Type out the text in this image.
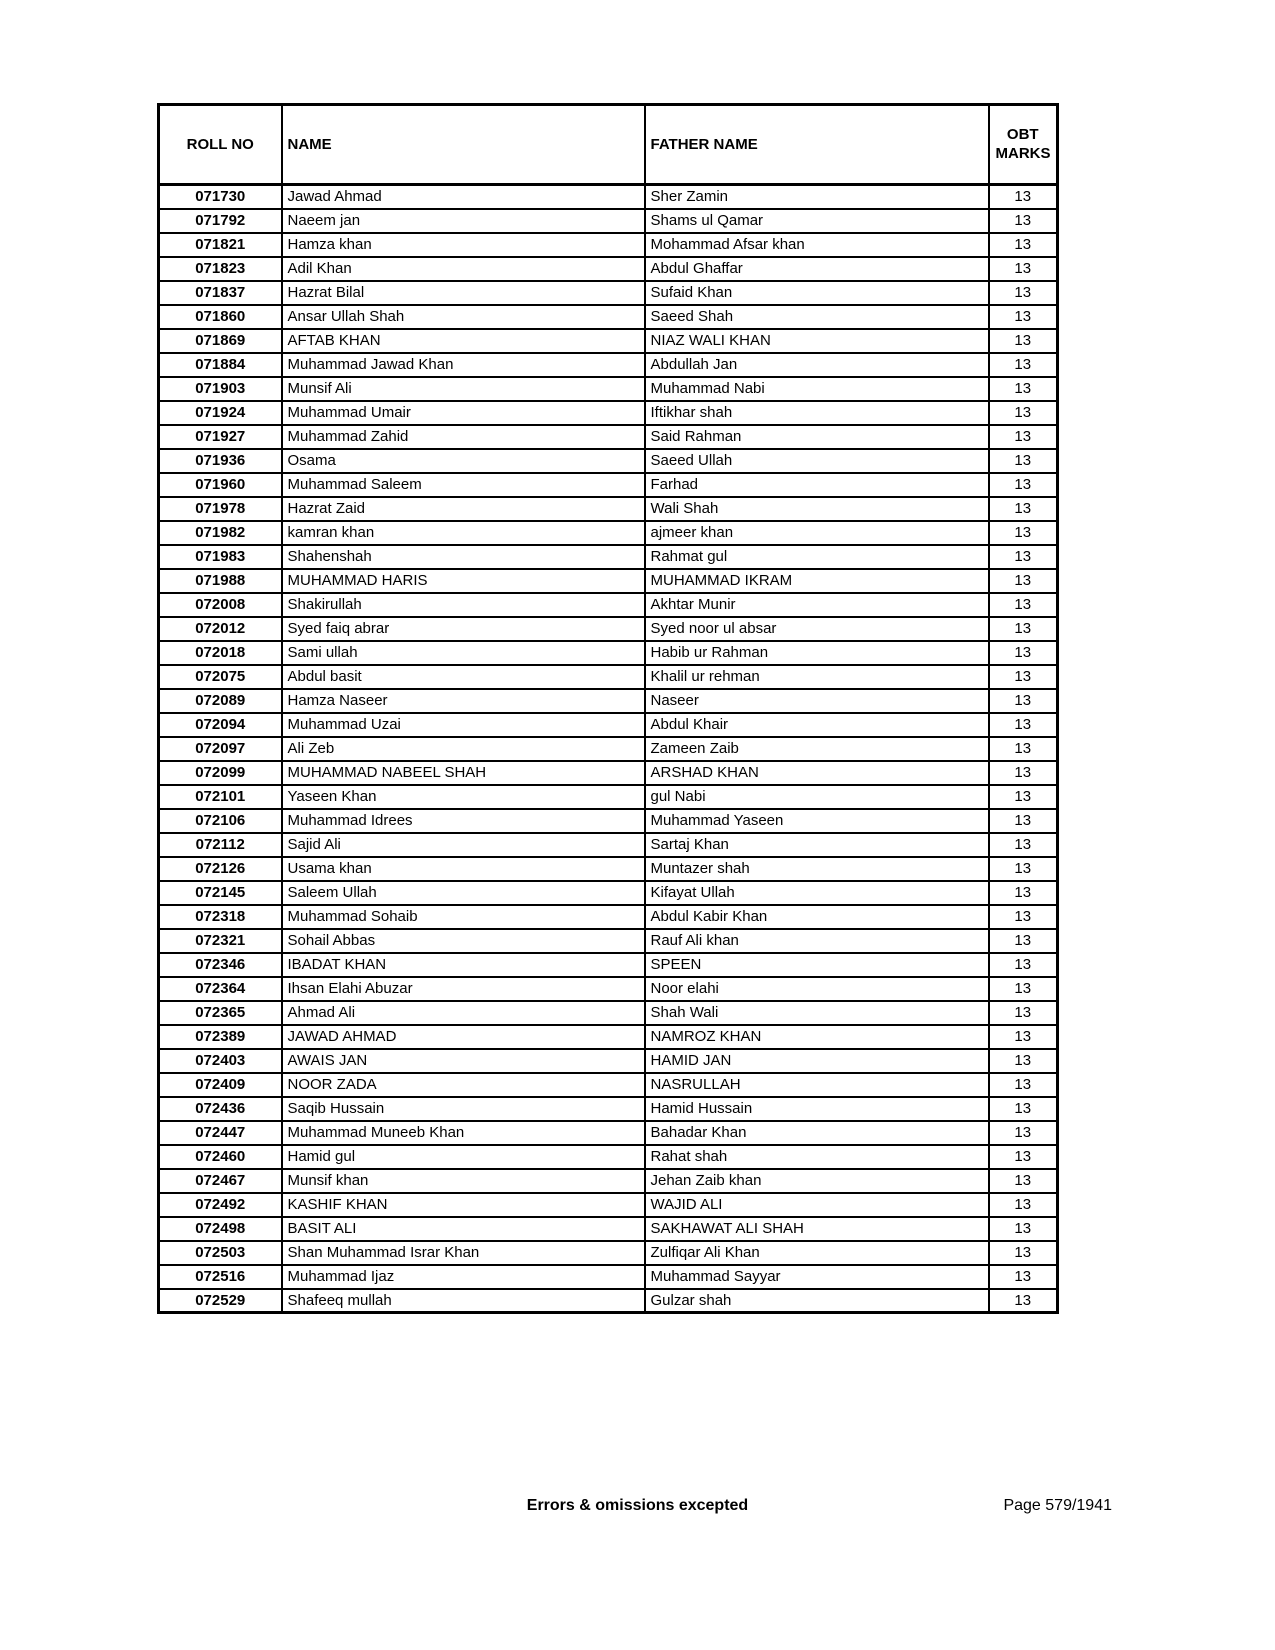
ROLL NO	NAME	FATHER NAME	OBT MARKS
071730	Jawad Ahmad	Sher Zamin	13
071792	Naeem jan	Shams ul Qamar	13
071821	Hamza khan	Mohammad Afsar khan	13
071823	Adil Khan	Abdul Ghaffar	13
071837	Hazrat Bilal	Sufaid Khan	13
071860	Ansar Ullah Shah	Saeed Shah	13
071869	AFTAB KHAN	NIAZ WALI KHAN	13
071884	Muhammad Jawad Khan	Abdullah Jan	13
071903	Munsif Ali	Muhammad Nabi	13
071924	Muhammad Umair	Iftikhar shah	13
071927	Muhammad Zahid	Said Rahman	13
071936	Osama	Saeed Ullah	13
071960	Muhammad Saleem	Farhad	13
071978	Hazrat Zaid	Wali Shah	13
071982	kamran khan	ajmeer khan	13
071983	Shahenshah	Rahmat gul	13
071988	MUHAMMAD HARIS	MUHAMMAD IKRAM	13
072008	Shakirullah	Akhtar Munir	13
072012	Syed faiq abrar	Syed noor ul absar	13
072018	Sami ullah	Habib ur Rahman	13
072075	Abdul basit	Khalil ur rehman	13
072089	Hamza Naseer	Naseer	13
072094	Muhammad Uzai	Abdul Khair	13
072097	Ali Zeb	Zameen Zaib	13
072099	MUHAMMAD NABEEL SHAH	ARSHAD KHAN	13
072101	Yaseen Khan	gul Nabi	13
072106	Muhammad Idrees	Muhammad Yaseen	13
072112	Sajid Ali	Sartaj Khan	13
072126	Usama khan	Muntazer shah	13
072145	Saleem Ullah	Kifayat Ullah	13
072318	Muhammad Sohaib	Abdul Kabir Khan	13
072321	Sohail Abbas	Rauf Ali khan	13
072346	IBADAT KHAN	SPEEN	13
072364	Ihsan Elahi Abuzar	Noor elahi	13
072365	Ahmad Ali	Shah Wali	13
072389	JAWAD AHMAD	NAMROZ KHAN	13
072403	AWAIS JAN	HAMID JAN	13
072409	NOOR ZADA	NASRULLAH	13
072436	Saqib Hussain	Hamid Hussain	13
072447	Muhammad Muneeb Khan	Bahadar Khan	13
072460	Hamid gul	Rahat shah	13
072467	Munsif khan	Jehan Zaib khan	13
072492	KASHIF KHAN	WAJID ALI	13
072498	BASIT ALI	SAKHAWAT ALI SHAH	13
072503	Shan Muhammad Israr Khan	Zulfiqar Ali Khan	13
072516	Muhammad Ijaz	Muhammad Sayyar	13
072529	Shafeeq mullah	Gulzar shah	13
Errors & omissions excepted	Page 579/1941
